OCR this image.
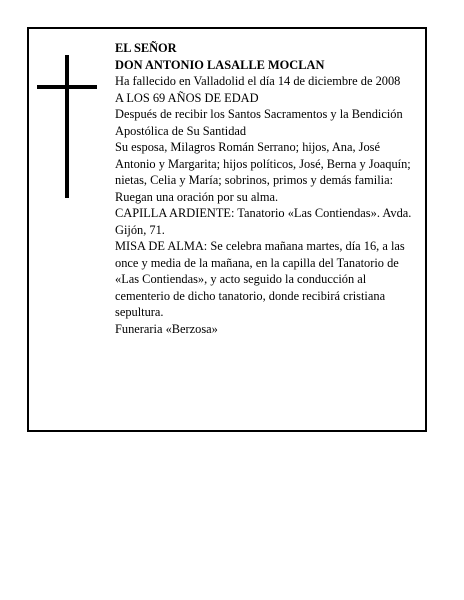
EL SEÑOR

DON ANTONIO LASALLE MOCLAN

Ha fallecido en Valladolid el día 14 de diciembre de 2008

A LOS 69 AÑOS DE EDAD

Después de recibir los Santos Sacramentos y la Bendición Apostólica de Su Santidad

Su esposa, Milagros Román Serrano; hijos, Ana, José Antonio y Margarita; hijos políticos, José, Berna y Joaquín; nietas, Celia y María; sobrinos, primos y demás familia:

Ruegan una oración por su alma.

CAPILLA ARDIENTE: Tanatorio «Las Contiendas». Avda. Gijón, 71.

MISA DE ALMA: Se celebra mañana martes, día 16, a las once y media de la mañana, en la capilla del Tanatorio de «Las Contiendas», y acto seguido la conducción al cementerio de dicho tanatorio, donde recibirá cristiana sepultura.

Funeraria «Berzosa»
